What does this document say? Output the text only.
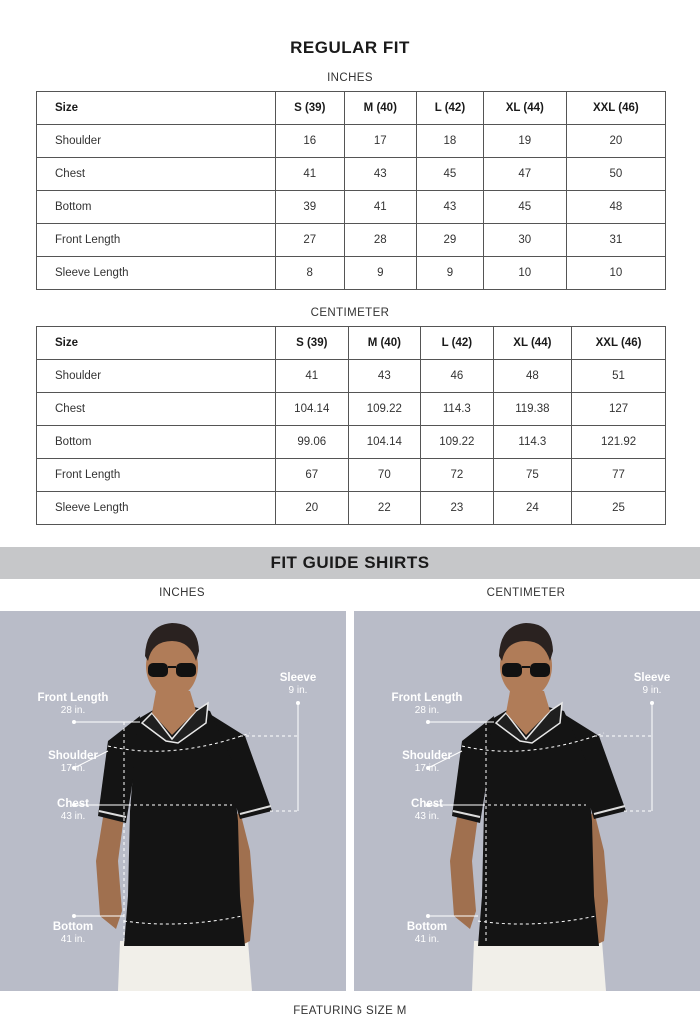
REGULAR FIT
INCHES
Size	S (39)	M (40)	L (42)	XL (44)	XXL (46)
Shoulder	16	17	18	19	20
Chest	41	43	45	47	50
Bottom	39	41	43	45	48
Front Length	27	28	29	30	31
Sleeve Length	8	9	9	10	10
CENTIMETER
Size	S (39)	M (40)	L (42)	XL (44)	XXL (46)
Shoulder	41	43	46	48	51
Chest	104.14	109.22	114.3	119.38	127
Bottom	99.06	104.14	109.22	114.3	121.92
Front Length	67	70	72	75	77
Sleeve Length	20	22	23	24	25
FIT GUIDE SHIRTS
INCHES	CENTIMETER
Front Length
28 in.
Shoulder
17 in.
Chest
43 in.
Bottom
41 in.
Sleeve
9 in.
Front Length
28 in.
Shoulder
17 in.
Chest
43 in.
Bottom
41 in.
Sleeve
9 in.
FEATURING SIZE M
